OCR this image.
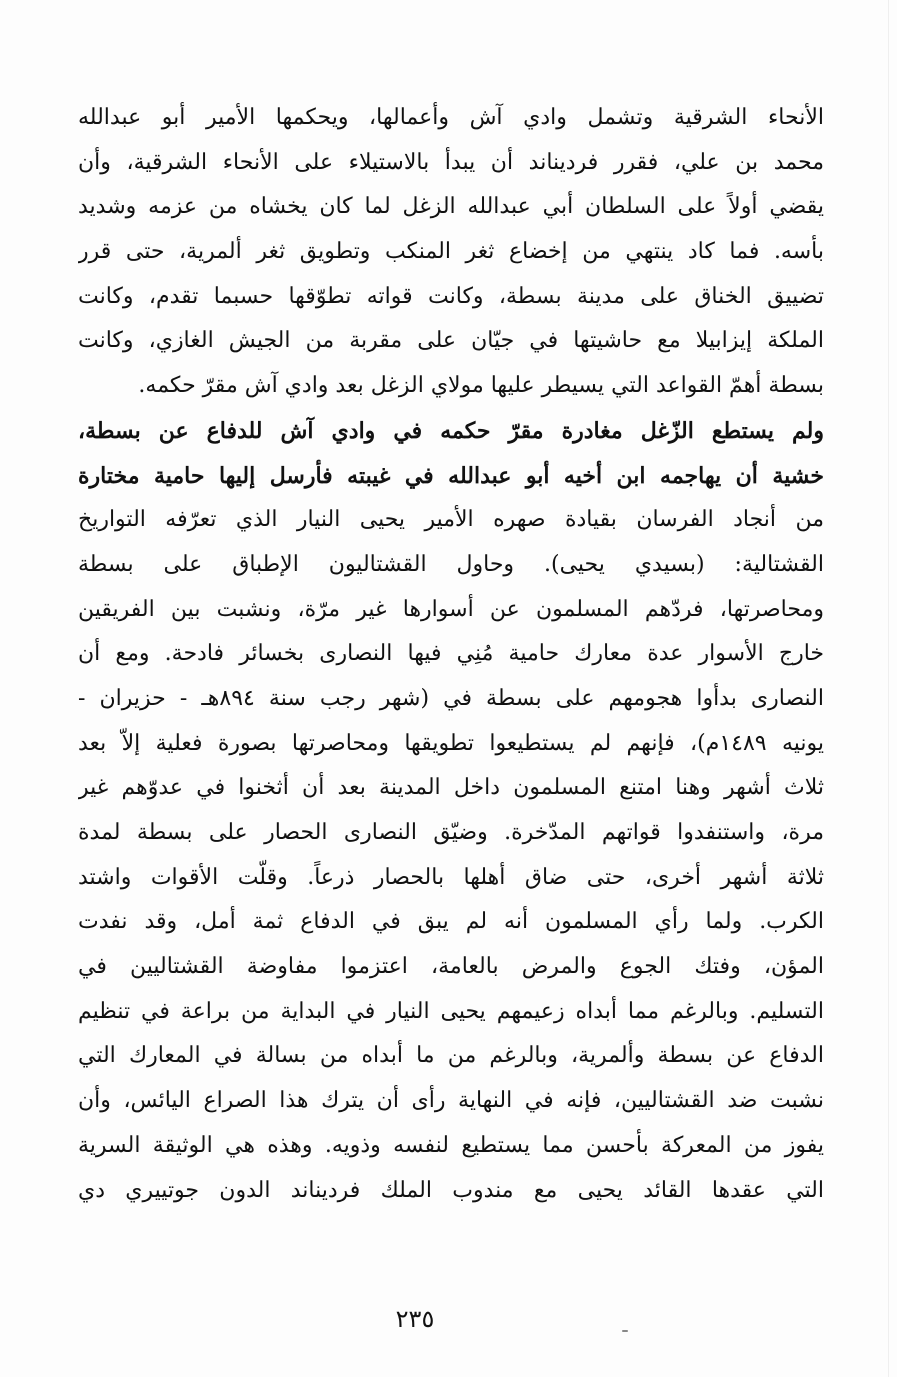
الأنحاء الشرقية وتشمل وادي آش وأعمالها، ويحكمها الأمير أبو عبدالله
محمد بن علي، فقرر فرديناند أن يبدأ بالاستيلاء على الأنحاء الشرقية، وأن
يقضي أولاً على السلطان أبي عبدالله الزغل لما كان يخشاه من عزمه وشديد
بأسه. فما كاد ينتهي من إخضاع ثغر المنكب وتطويق ثغر ألمرية، حتى قرر
تضييق الخناق على مدينة بسطة، وكانت قواته تطوّقها حسبما تقدم، وكانت
الملكة إيزابيلا مع حاشيتها في جيّان على مقربة من الجيش الغازي، وكانت
بسطة أهمّ القواعد التي يسيطر عليها مولاي الزغل بعد وادي آش مقرّ حكمه.
ولم يستطع الزّغل مغادرة مقرّ حكمه في وادي آش للدفاع عن بسطة،
خشية أن يهاجمه ابن أخيه أبو عبدالله في غيبته فأرسل إليها حامية مختارة
من أنجاد الفرسان بقيادة صهره الأمير يحيى النيار الذي تعرّفه التواريخ
القشتالية: (بسيدي يحيى). وحاول القشتاليون الإطباق على بسطة
ومحاصرتها، فردّهم المسلمون عن أسوارها غير مرّة، ونشبت بين الفريقين
خارج الأسوار عدة معارك حامية مُنِي فيها النصارى بخسائر فادحة. ومع أن
النصارى بدأوا هجومهم على بسطة في (شهر رجب سنة ٨٩٤هـ - حزيران -
يونيه ١٤٨٩م)، فإنهم لم يستطيعوا تطويقها ومحاصرتها بصورة فعلية إلاّ بعد
ثلاث أشهر وهنا امتنع المسلمون داخل المدينة بعد أن أثخنوا في عدوّهم غير
مرة، واستنفدوا قواتهم المدّخرة. وضيّق النصارى الحصار على بسطة لمدة
ثلاثة أشهر أخرى، حتى ضاق أهلها بالحصار ذرعاً. وقلّت الأقوات واشتد
الكرب. ولما رأي المسلمون أنه لم يبق في الدفاع ثمة أمل، وقد نفدت
المؤن، وفتك الجوع والمرض بالعامة، اعتزموا مفاوضة القشتاليين في
التسليم. وبالرغم مما أبداه زعيمهم يحيى النيار في البداية من براعة في تنظيم
الدفاع عن بسطة وألمرية، وبالرغم من ما أبداه من بسالة في المعارك التي
نشبت ضد القشتاليين، فإنه في النهاية رأى أن يترك هذا الصراع اليائس، وأن
يفوز من المعركة بأحسن مما يستطيع لنفسه وذويه. وهذه هي الوثيقة السرية
التي عقدها القائد يحيى مع مندوب الملك فرديناند الدون جوتييري دي
٢٣٥
